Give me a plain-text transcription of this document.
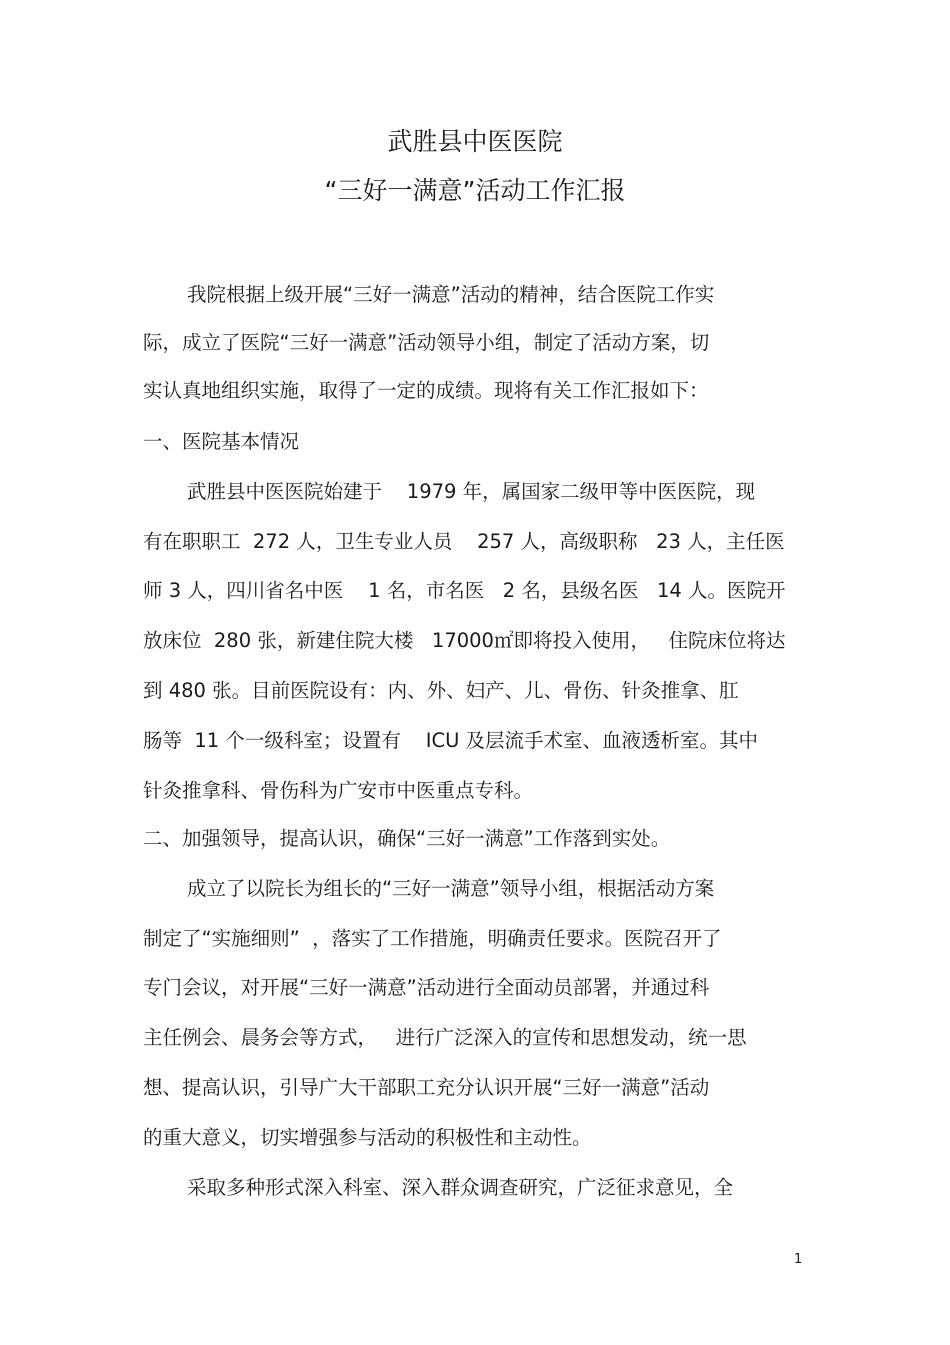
武胜县中医医院
“三好一满意”活动工作汇报
我院根据上级开展“三好一满意”活动的精神，结合医院工作实
际，成立了医院“三好一满意”活动领导小组，制定了活动方案，切
实认真地组织实施，取得了一定的成绩。现将有关工作汇报如下：
一、医院基本情况
武胜县中医医院始建于    1979 年，属国家二级甲等中医医院，现
有在职职工  272 人，卫生专业人员    257 人，高级职称   23 人，主任医
师 3 人，四川省名中医    1 名，市名医   2 名，县级名医   14 人。医院开
放床位  280 张，新建住院大楼   17000㎡即将投入使用，   住院床位将达
到 480 张。目前医院设有：内、外、妇产、儿、骨伤、针灸推拿、肛
肠等  11 个一级科室；设置有    ICU 及层流手术室、血液透析室。其中
针灸推拿科、骨伤科为广安市中医重点专科。
二、加强领导，提高认识，确保“三好一满意”工作落到实处。
成立了以院长为组长的“三好一满意”领导小组，根据活动方案
制定了“实施细则”  ，落实了工作措施，明确责任要求。医院召开了
专门会议，对开展“三好一满意”活动进行全面动员部署，并通过科
主任例会、晨务会等方式，   进行广泛深入的宣传和思想发动，统一思
想、提高认识，引导广大干部职工充分认识开展“三好一满意”活动
的重大意义，切实增强参与活动的积极性和主动性。
采取多种形式深入科室、深入群众调查研究，广泛征求意见，全
1
